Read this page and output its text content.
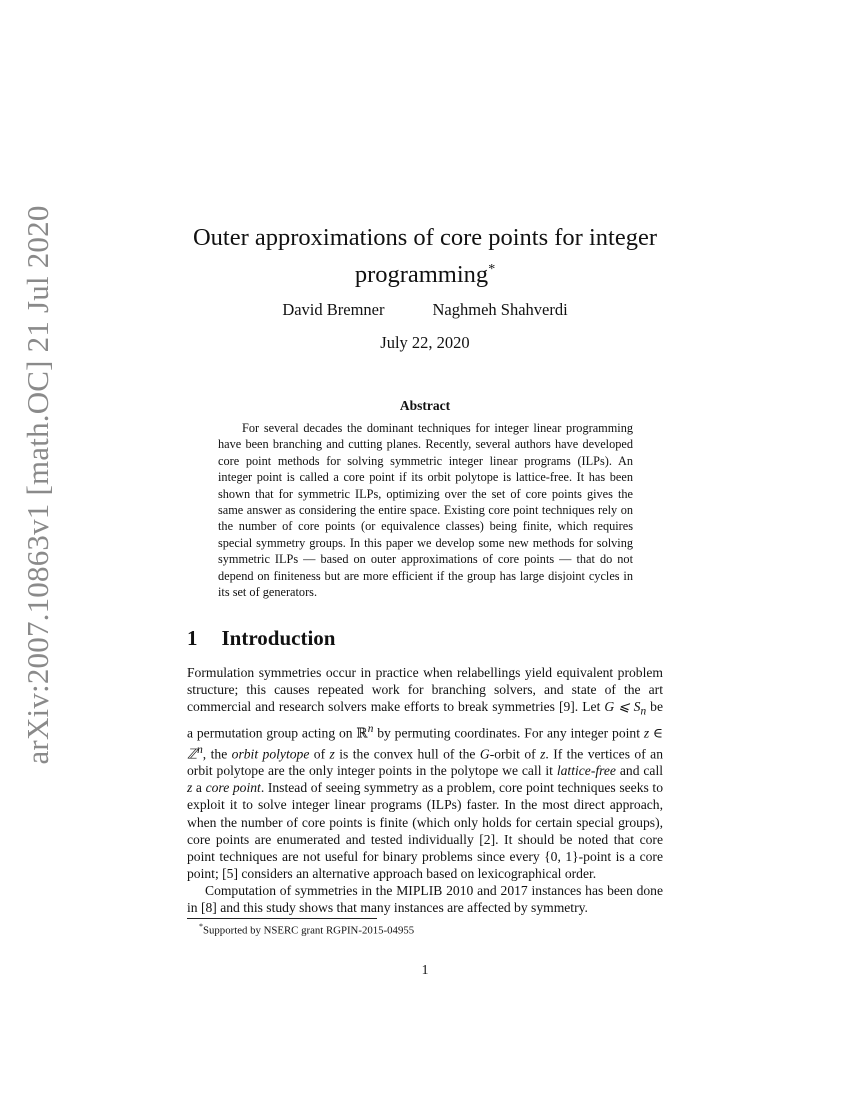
arXiv:2007.10863v1 [math.OC] 21 Jul 2020	Outer approximations of core points for integer
programming*
David Bremner	Naghmeh Shahverdi
July 22, 2020
Abstract

For several decades the dominant techniques for integer linear programming have been branching and cutting planes. Recently, several authors have developed core point methods for solving symmetric integer linear programs (ILPs). An integer point is called a core point if its orbit polytope is lattice-free. It has been shown that for symmetric ILPs, optimizing over the set of core points gives the same answer as considering the entire space. Existing core point techniques rely on the number of core points (or equivalence classes) being finite, which requires special symmetry groups. In this paper we develop some new methods for solving symmetric ILPs — based on outer approximations of core points — that do not depend on finiteness but are more efficient if the group has large disjoint cycles in its set of generators.

1 Introduction

Formulation symmetries occur in practice when relabellings yield equivalent problem structure; this causes repeated work for branching solvers, and state of the art commercial and research solvers make efforts to break symmetries [9]. Let G ⩽ $S_n$ be a permutation group acting on ℝ$^n$ by permuting coordinates. For any integer point z ∈ ℤ$^n$, the orbit polytope of z is the convex hull of the G-orbit of z. If the vertices of an orbit polytope are the only integer points in the polytope we call it lattice-free and call z a core point. Instead of seeing symmetry as a problem, core point techniques seeks to exploit it to solve integer linear programs (ILPs) faster. In the most direct approach, when the number of core points is finite (which only holds for certain special groups), core points are enumerated and tested individually [2]. It should be noted that core point techniques are not useful for binary problems since every {0, 1}-point is a core point; [5] considers an alternative approach based on lexicographical order.

Computation of symmetries in the MIPLIB 2010 and 2017 instances has been done in [8] and this study shows that many instances are affected by symmetry.

*Supported by NSERC grant RGPIN-2015-04955
1
